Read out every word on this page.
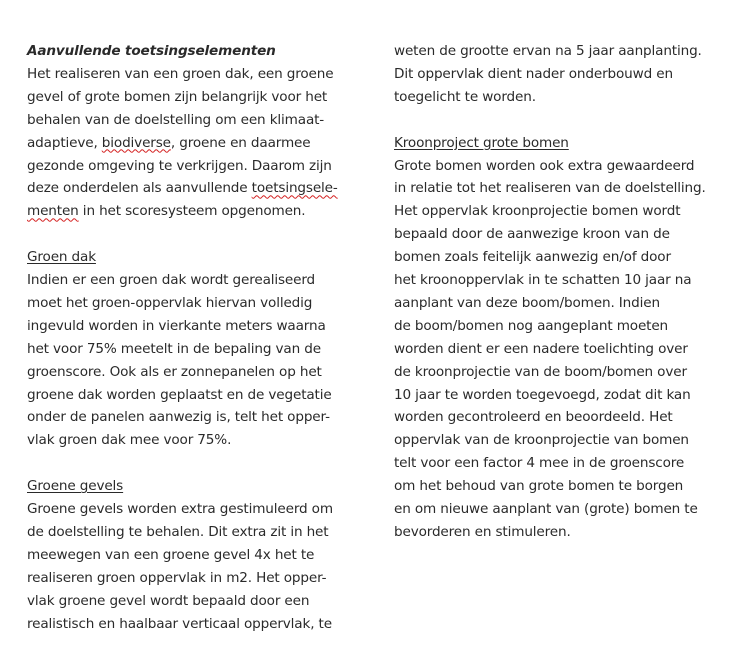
Aanvullende toetsingselementen
Het realiseren van een groen dak, een groene
gevel of grote bomen zijn belangrijk voor het
behalen van de doelstelling om een klimaat-
adaptieve, biodiverse, groene en daarmee
gezonde omgeving te verkrijgen. Daarom zijn
deze onderdelen als aanvullende toetsingsele-
menten in het scoresysteem opgenomen.
Groen dak
Indien er een groen dak wordt gerealiseerd
moet het groen-oppervlak hiervan volledig
ingevuld worden in vierkante meters waarna
het voor 75% meetelt in de bepaling van de
groenscore. Ook als er zonnepanelen op het
groene dak worden geplaatst en de vegetatie
onder de panelen aanwezig is, telt het opper-
vlak groen dak mee voor 75%.
Groene gevels
Groene gevels worden extra gestimuleerd om
de doelstelling te behalen. Dit extra zit in het
meewegen van een groene gevel 4x het te
realiseren groen oppervlak in m2. Het opper-
vlak groene gevel wordt bepaald door een
realistisch en haalbaar verticaal oppervlak, te
weten de grootte ervan na 5 jaar aanplanting.
Dit oppervlak dient nader onderbouwd en
toegelicht te worden.
Kroonproject grote bomen
Grote bomen worden ook extra gewaardeerd
in relatie tot het realiseren van de doelstelling.
Het oppervlak kroonprojectie bomen wordt
bepaald door de aanwezige kroon van de
bomen zoals feitelijk aanwezig en/of door
het kroonoppervlak in te schatten 10 jaar na
aanplant van deze boom/bomen. Indien
de boom/bomen nog aangeplant moeten
worden dient er een nadere toelichting over
de kroonprojectie van de boom/bomen over
10 jaar te worden toegevoegd, zodat dit kan
worden gecontroleerd en beoordeeld. Het
oppervlak van de kroonprojectie van bomen
telt voor een factor 4 mee in de groenscore
om het behoud van grote bomen te borgen
en om nieuwe aanplant van (grote) bomen te
bevorderen en stimuleren.
